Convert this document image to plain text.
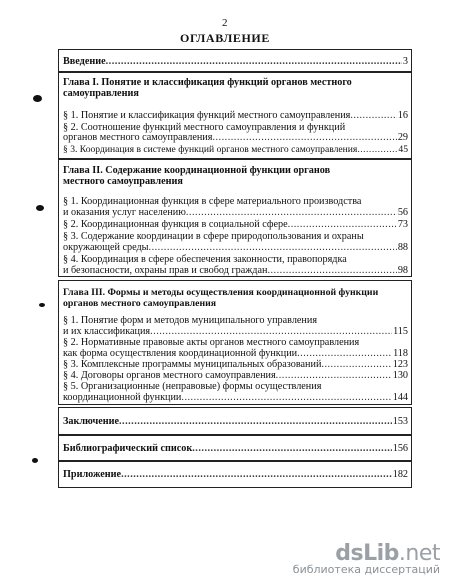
2
ОГЛАВЛЕНИЕ
Введение .....	3
Глава I. Понятие и классификация функций органов местного
самоуправления
§ 1. Понятие и классификация функций местного самоуправления .....	16
§ 2. Соотношение функций местного самоуправления и функций
органов местного самоуправления .....	29
§ 3. Координация в системе функций органов местного самоуправления .....	45
Глава II. Содержание координационной функции органов
местного самоуправления
§ 1. Координационная функция в сфере материального производства
и оказания услуг населению .....	56
§ 2. Координационная функция в социальной сфере .....	73
§ 3. Содержание координации в сфере природопользования и охраны
окружающей среды .....	88
§ 4. Координация в сфере обеспечения законности, правопорядка
и безопасности, охраны прав и свобод граждан .....	98
Глава III. Формы и методы осуществления координационной функции
органов местного самоуправления
§ 1. Понятие форм и методов муниципального управления
и их классификация .....	115
§ 2. Нормативные правовые акты органов местного самоуправления
как форма осуществления координационной функции .....	118
§ 3. Комплексные программы муниципальных образований .....	123
§ 4. Договоры органов местного самоуправления .....	130
§ 5. Организационные (неправовые) формы осуществления
координационной функции .....	144
Заключение .....	153
Библиографический список .....	156
Приложение .....	182
dsLib.net
библиотека диссертаций
